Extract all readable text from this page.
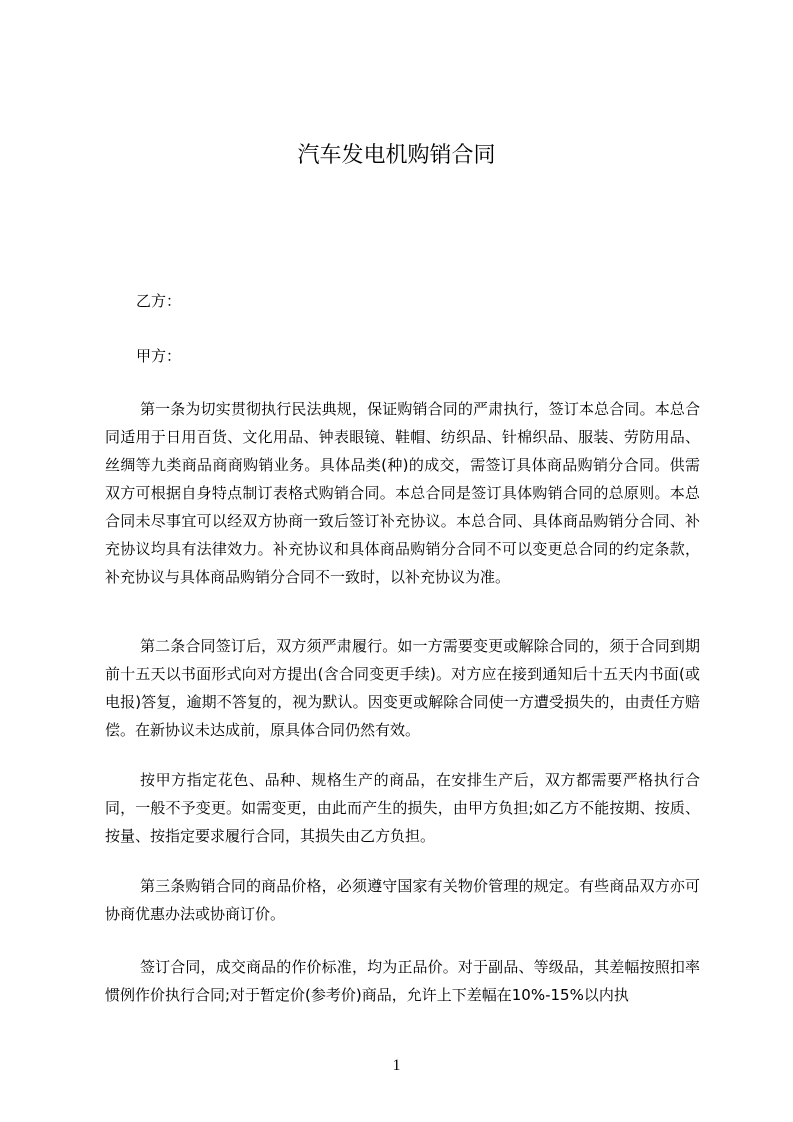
汽车发电机购销合同
乙方：
甲方：

第一条为切实贯彻执行民法典规，保证购销合同的严肃执行，签订本总合同。本总合同适用于日用百货、文化用品、钟表眼镜、鞋帽、纺织品、针棉织品、服装、劳防用品、丝绸等九类商品商商购销业务。具体品类(种)的成交，需签订具体商品购销分合同。供需双方可根据自身特点制订表格式购销合同。本总合同是签订具体购销合同的总原则。本总合同未尽事宜可以经双方协商一致后签订补充协议。本总合同、具体商品购销分合同、补充协议均具有法律效力。补充协议和具体商品购销分合同不可以变更总合同的约定条款，补充协议与具体商品购销分合同不一致时，以补充协议为准。

第二条合同签订后，双方须严肃履行。如一方需要变更或解除合同的，须于合同到期前十五天以书面形式向对方提出(含合同变更手续)。对方应在接到通知后十五天内书面(或电报)答复，逾期不答复的，视为默认。因变更或解除合同使一方遭受损失的，由责任方赔偿。在新协议未达成前，原具体合同仍然有效。

按甲方指定花色、品种、规格生产的商品，在安排生产后，双方都需要严格执行合同，一般不予变更。如需变更，由此而产生的损失，由甲方负担;如乙方不能按期、按质、按量、按指定要求履行合同，其损失由乙方负担。

第三条购销合同的商品价格，必须遵守国家有关物价管理的规定。有些商品双方亦可协商优惠办法或协商订价。

签订合同，成交商品的作价标准，均为正品价。对于副品、等级品，其差幅按照扣率惯例作价执行合同;对于暂定价(参考价)商品，允许上下差幅在10%-15%以内执

1
